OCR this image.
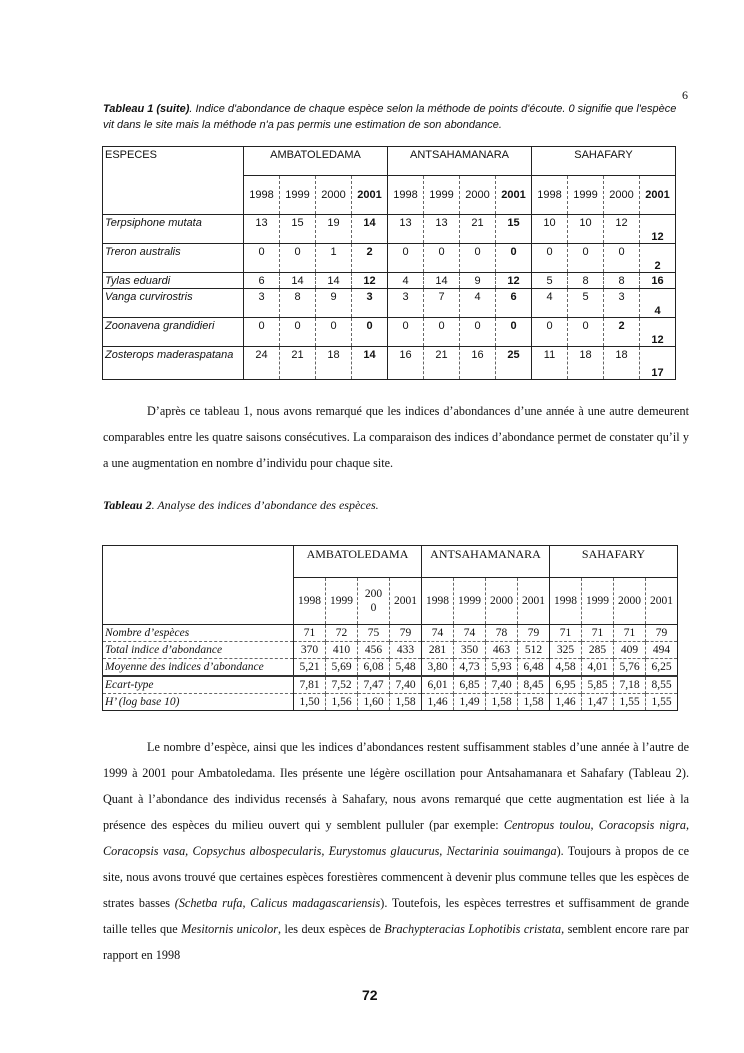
6
Tableau 1 (suite). Indice d'abondance de chaque espèce selon la méthode de points d'écoute. 0 signifie que l'espèce vit dans le site mais la méthode n'a pas permis une estimation de son abondance.
ESPECES	AMBATOLEDAMA				ANTSAHAMANARA				SAHAFARY			
	1998	1999	2000	2001	1998	1999	2000	2001	1998	1999	2000	2001
Terpsiphone mutata	13	15	19	14	13	13	21	15	10	10	12	12
Treron australis	0	0	1	2	0	0	0	0	0	0	0	2
Tylas eduardi	6	14	14	12	4	14	9	12	5	8	8	16
Vanga curvirostris	3	8	9	3	3	7	4	6	4	5	3	4
Zoonavena grandidieri	0	0	0	0	0	0	0	0	0	0	2	12
Zosterops maderaspatana	24	21	18	14	16	21	16	25	11	18	18	17
D’après ce tableau 1, nous avons remarqué que les indices d’abondances d’une année à une autre demeurent comparables entre les quatre saisons consécutives. La comparaison des indices d’abondance permet de constater qu’il y a une augmentation en nombre d’individu pour chaque site.
Tableau 2. Analyse des indices d’abondance des espèces.
	AMBATOLEDAMA				ANTSAHAMANARA				SAHAFARY			
	1998	1999	2000	2001	1998	1999	2000	2001	1998	1999	2000	2001
Nombre d’espèces	71	72	75	79	74	74	78	79	71	71	71	79
Total indice d’abondance	370	410	456	433	281	350	463	512	325	285	409	494
Moyenne des indices d’abondance	5,21	5,69	6,08	5,48	3,80	4,73	5,93	6,48	4,58	4,01	5,76	6,25
Ecart-type	7,81	7,52	7,47	7,40	6,01	6,85	7,40	8,45	6,95	5,85	7,18	8,55
H’ (log base 10)	1,50	1,56	1,60	1,58	1,46	1,49	1,58	1,58	1,46	1,47	1,55	1,55
Le nombre d’espèce, ainsi que les indices d’abondances restent suffisamment stables d’une année à l’autre de 1999 à 2001 pour Ambatoledama. Iles présente une légère oscillation pour Antsahamanara et Sahafary (Tableau 2). Quant à l’abondance des individus recensés à Sahafary, nous avons remarqué que cette augmentation est liée à la présence des espèces du milieu ouvert qui y semblent pulluler (par exemple: Centropus toulou, Coracopsis nigra, Coracopsis vasa, Copsychus albospecularis, Eurystomus glaucurus, Nectarinia souimanga). Toujours à propos de ce site, nous avons trouvé que certaines espèces forestières commencent à devenir plus commune telles que les espèces de strates basses (Schetba rufa, Calicus madagascariensis). Toutefois, les espèces terrestres et suffisamment de grande taille telles que Mesitornis unicolor, les deux espèces de Brachypteracias Lophotibis cristata, semblent encore rare par rapport en 1998
72
